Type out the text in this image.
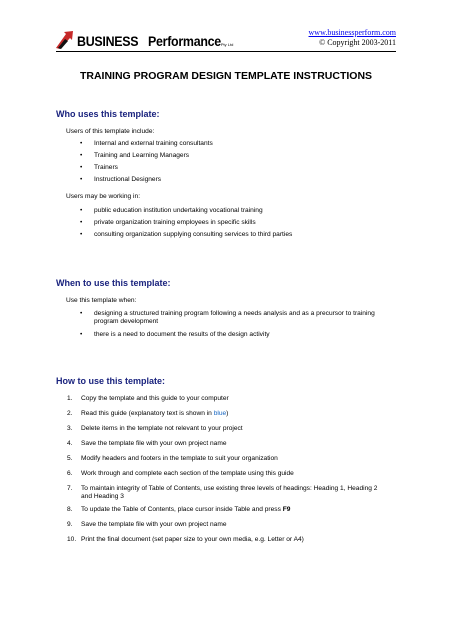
BUSINESS Performance Pty Ltd
www.businessperform.com
© Copyright 2003-2011
TRAINING PROGRAM DESIGN TEMPLATE INSTRUCTIONS
Who uses this template:
Users of this template include:
• Internal and external training consultants
• Training and Learning Managers
• Trainers
• Instructional Designers
Users may be working in:
• public education institution undertaking vocational training
• private organization training employees in specific skills
• consulting organization supplying consulting services to third parties
When to use this template:
Use this template when:
• designing a structured training program following a needs analysis and as a precursor to training program development
• there is a need to document the results of the design activity
How to use this template:
1. Copy the template and this guide to your computer
2. Read this guide (explanatory text is shown in blue)
3. Delete items in the template not relevant to your project
4. Save the template file with your own project name
5. Modify headers and footers in the template to suit your organization
6. Work through and complete each section of the template using this guide
7. To maintain integrity of Table of Contents, use existing three levels of headings: Heading 1, Heading 2 and Heading 3
8. To update the Table of Contents, place cursor inside Table and press F9
9. Save the template file with your own project name
10. Print the final document (set paper size to your own media, e.g. Letter or A4)
